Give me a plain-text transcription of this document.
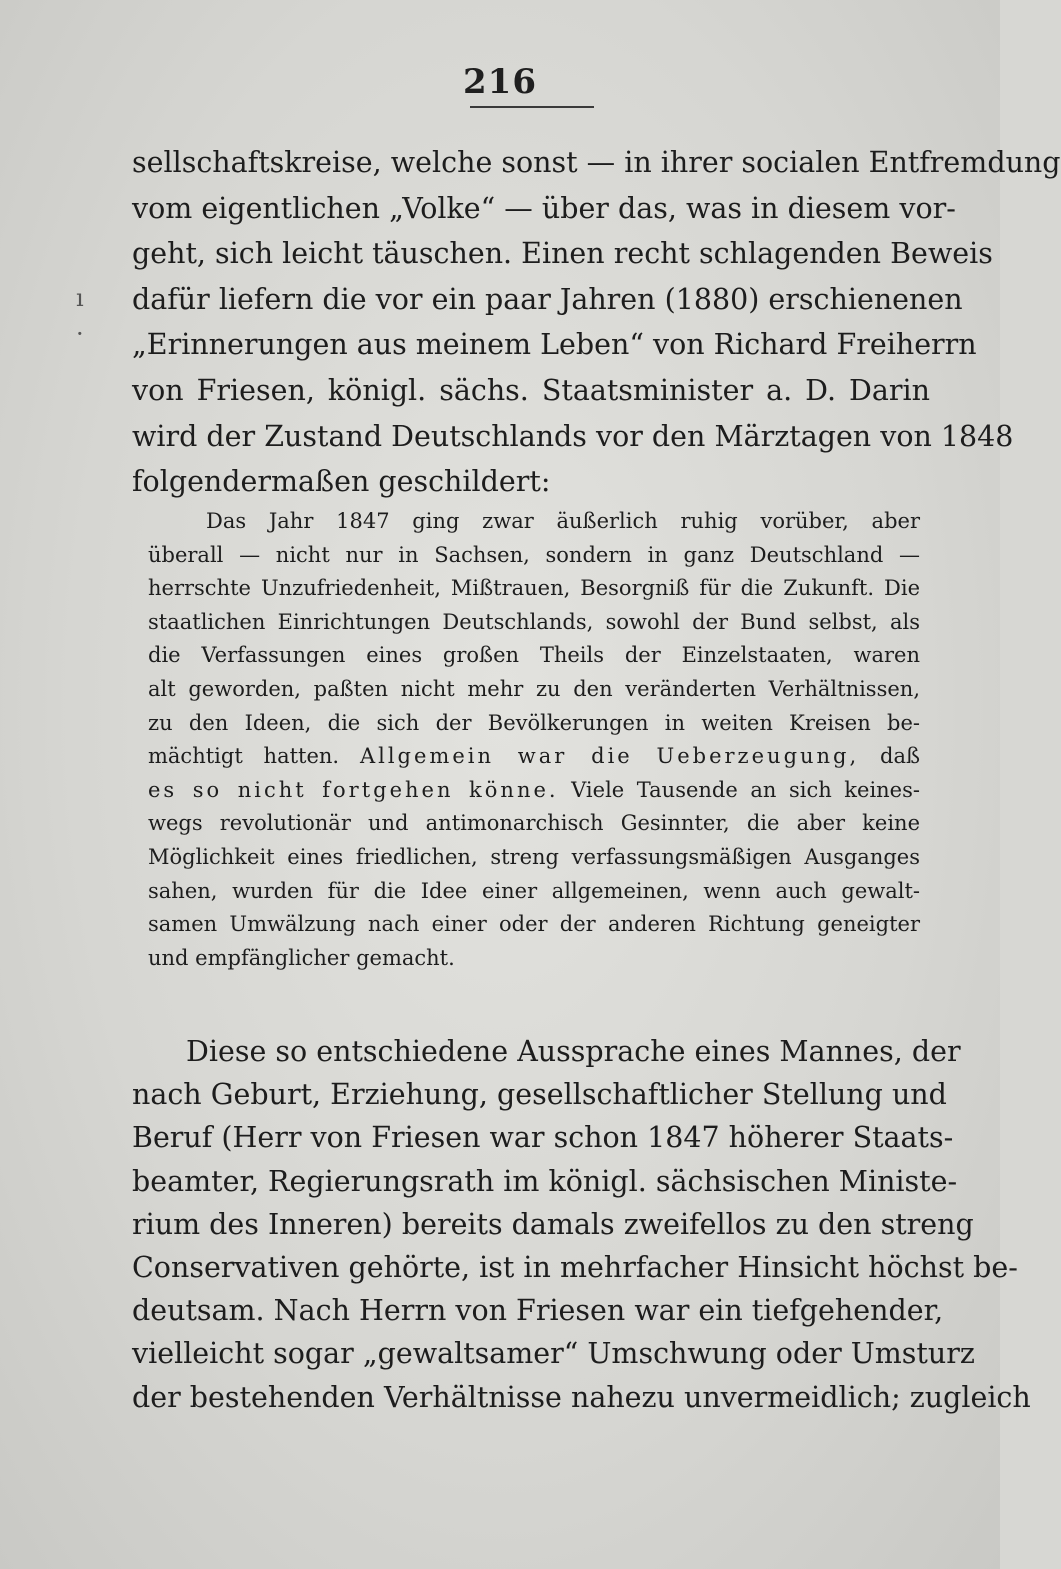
216
ı
·
sellschaftskreise, welche sonst — in ihrer socialen Entfremdung
vom eigentlichen „Volke“ — über das, was in diesem vor-
geht, sich leicht täuschen. Einen recht schlagenden Beweis
dafür liefern die vor ein paar Jahren (1880) erschienenen
„Erinnerungen aus meinem Leben“ von Richard Freiherrn
von Friesen, königl. sächs. Staatsminister a. D. Darin
wird der Zustand Deutschlands vor den Märztagen von 1848
folgendermaßen geschildert:
Das Jahr 1847 ging zwar äußerlich ruhig vorüber, aber
überall — nicht nur in Sachsen, sondern in ganz Deutschland —
herrschte Unzufriedenheit, Mißtrauen, Besorgniß für die Zukunft. Die
staatlichen Einrichtungen Deutschlands, sowohl der Bund selbst, als
die Verfassungen eines großen Theils der Einzelstaaten, waren
alt geworden, paßten nicht mehr zu den veränderten Verhältnissen,
zu den Ideen, die sich der Bevölkerungen in weiten Kreisen be-
mächtigt hatten. Allgemein war die Ueberzeugung, daß
es so nicht fortgehen könne. Viele Tausende an sich keines-
wegs revolutionär und antimonarchisch Gesinnter, die aber keine
Möglichkeit eines friedlichen, streng verfassungsmäßigen Ausganges
sahen, wurden für die Idee einer allgemeinen, wenn auch gewalt-
samen Umwälzung nach einer oder der anderen Richtung geneigter
und empfänglicher gemacht.
Diese so entschiedene Aussprache eines Mannes, der
nach Geburt, Erziehung, gesellschaftlicher Stellung und
Beruf (Herr von Friesen war schon 1847 höherer Staats-
beamter, Regierungsrath im königl. sächsischen Ministe-
rium des Inneren) bereits damals zweifellos zu den streng
Conservativen gehörte, ist in mehrfacher Hinsicht höchst be-
deutsam. Nach Herrn von Friesen war ein tiefgehender,
vielleicht sogar „gewaltsamer“ Umschwung oder Umsturz
der bestehenden Verhältnisse nahezu unvermeidlich; zugleich
